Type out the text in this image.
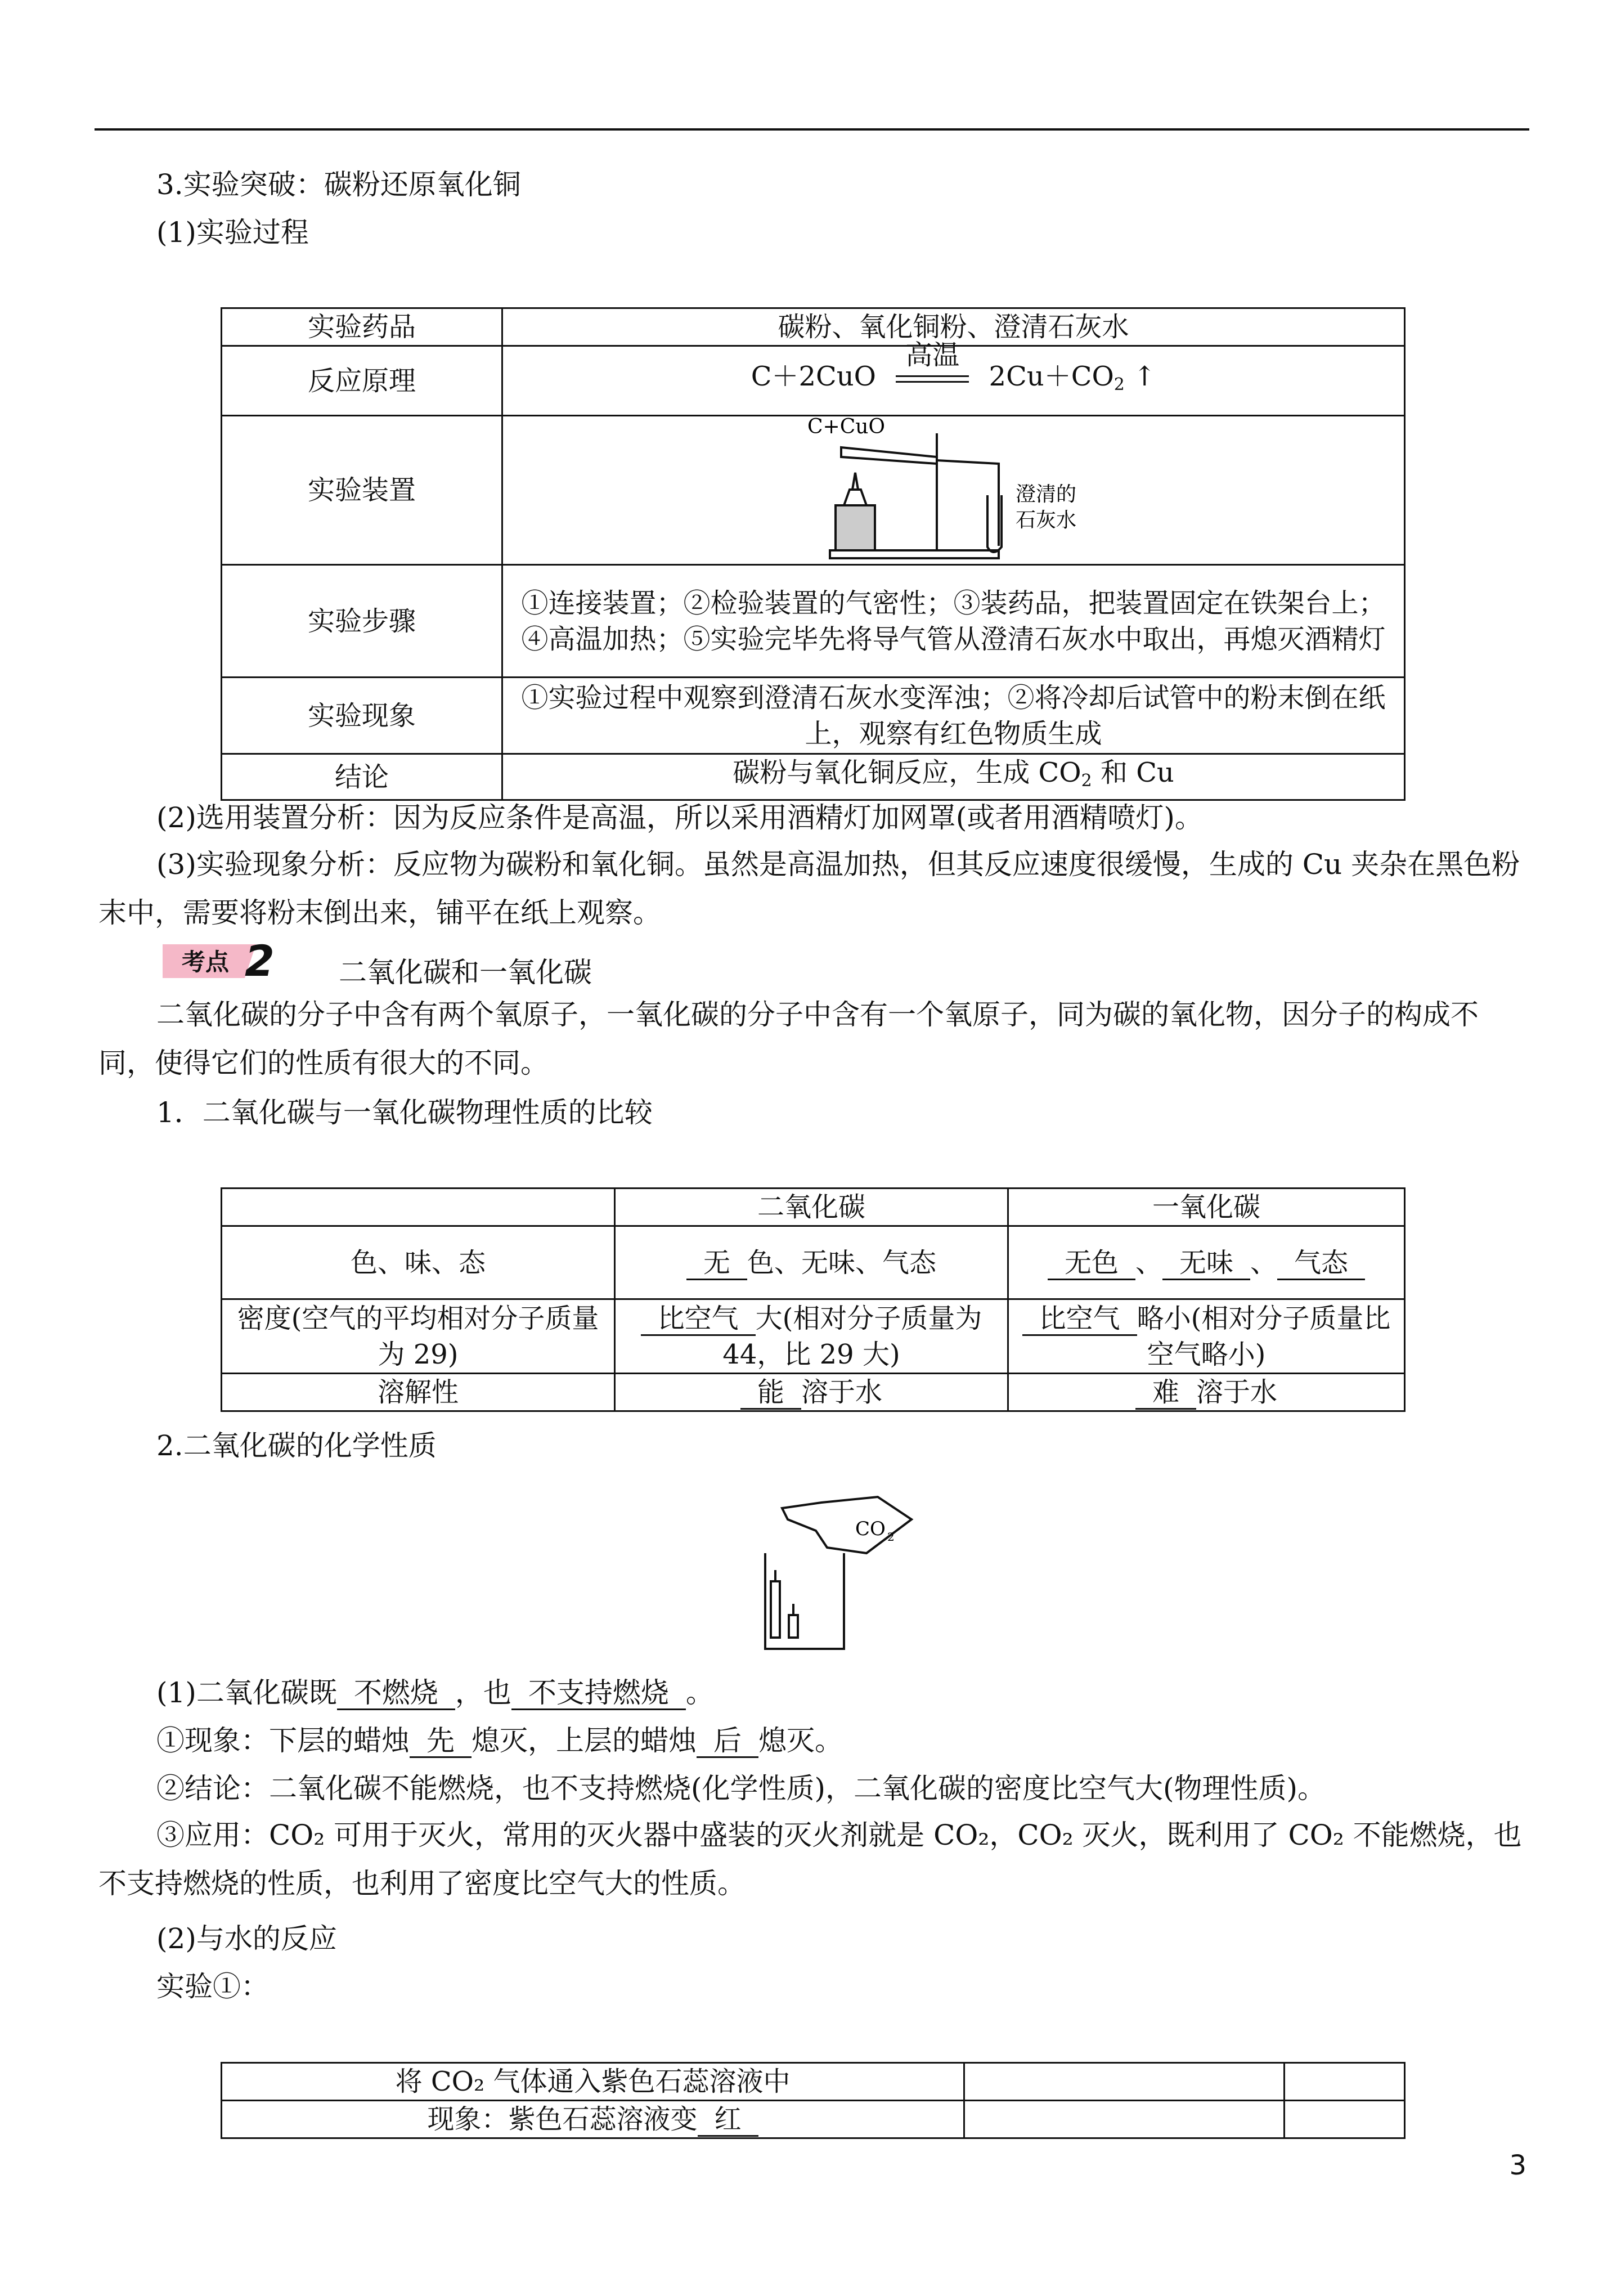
3.实验突破：碳粉还原氧化铜
(1)实验过程
实验药品	碳粉、氧化铜粉、澄清石灰水
反应原理	C＋2CuO
高温
$2Cu+CO_2$ ↑
实验装置	C+CuO
澄清的
石灰水

实验步骤	①连接装置；②检验装置的气密性；③装药品，把装置固定在铁架台上；④高温加热；⑤实验完毕先将导气管从澄清石灰水中取出，再熄灭酒精灯
实验现象	①实验过程中观察到澄清石灰水变浑浊；②将冷却后试管中的粉末倒在纸上，观察有红色物质生成
结论	碳粉与氧化铜反应，生成 $CO_2$ 和 Cu
(2)选用装置分析：因为反应条件是高温，所以采用酒精灯加网罩(或者用酒精喷灯)。
(3)实验现象分析：反应物为碳粉和氧化铜。虽然是高温加热，但其反应速度很缓慢，生成的 Cu 夹杂在黑色粉末中，需要将粉末倒出来，铺平在纸上观察。
考点 2 二氧化碳和一氧化碳
二氧化碳的分子中含有两个氧原子，一氧化碳的分子中含有一个氧原子，同为碳的氧化物，因分子的构成不同，使得它们的性质有很大的不同。
1．二氧化碳与一氧化碳物理性质的比较
	二氧化碳	一氧化碳
色、味、态	无 色、无味、气态	无色 、 无味 、 气态
密度(空气的平均相对分子质量为 29)	比空气 大(相对分子质量为 44，比 29 大)	比空气 略小(相对分子质量比空气略小)
溶解性	能 溶于水	难 溶于水
2.二氧化碳的化学性质
CO 2
(1)二氧化碳既 不燃烧 ，也 不支持燃烧 。
①现象：下层的蜡烛 先 熄灭，上层的蜡烛 后 熄灭。
②结论：二氧化碳不能燃烧，也不支持燃烧(化学性质)，二氧化碳的密度比空气大(物理性质)。
③应用：CO₂ 可用于灭火，常用的灭火器中盛装的灭火剂就是 CO₂，CO₂ 灭火，既利用了 CO₂ 不能燃烧，也不支持燃烧的性质，也利用了密度比空气大的性质。
(2)与水的反应
实验①：
将 CO₂ 气体通入紫色石蕊溶液中		
现象：紫色石蕊溶液变 红		
3
